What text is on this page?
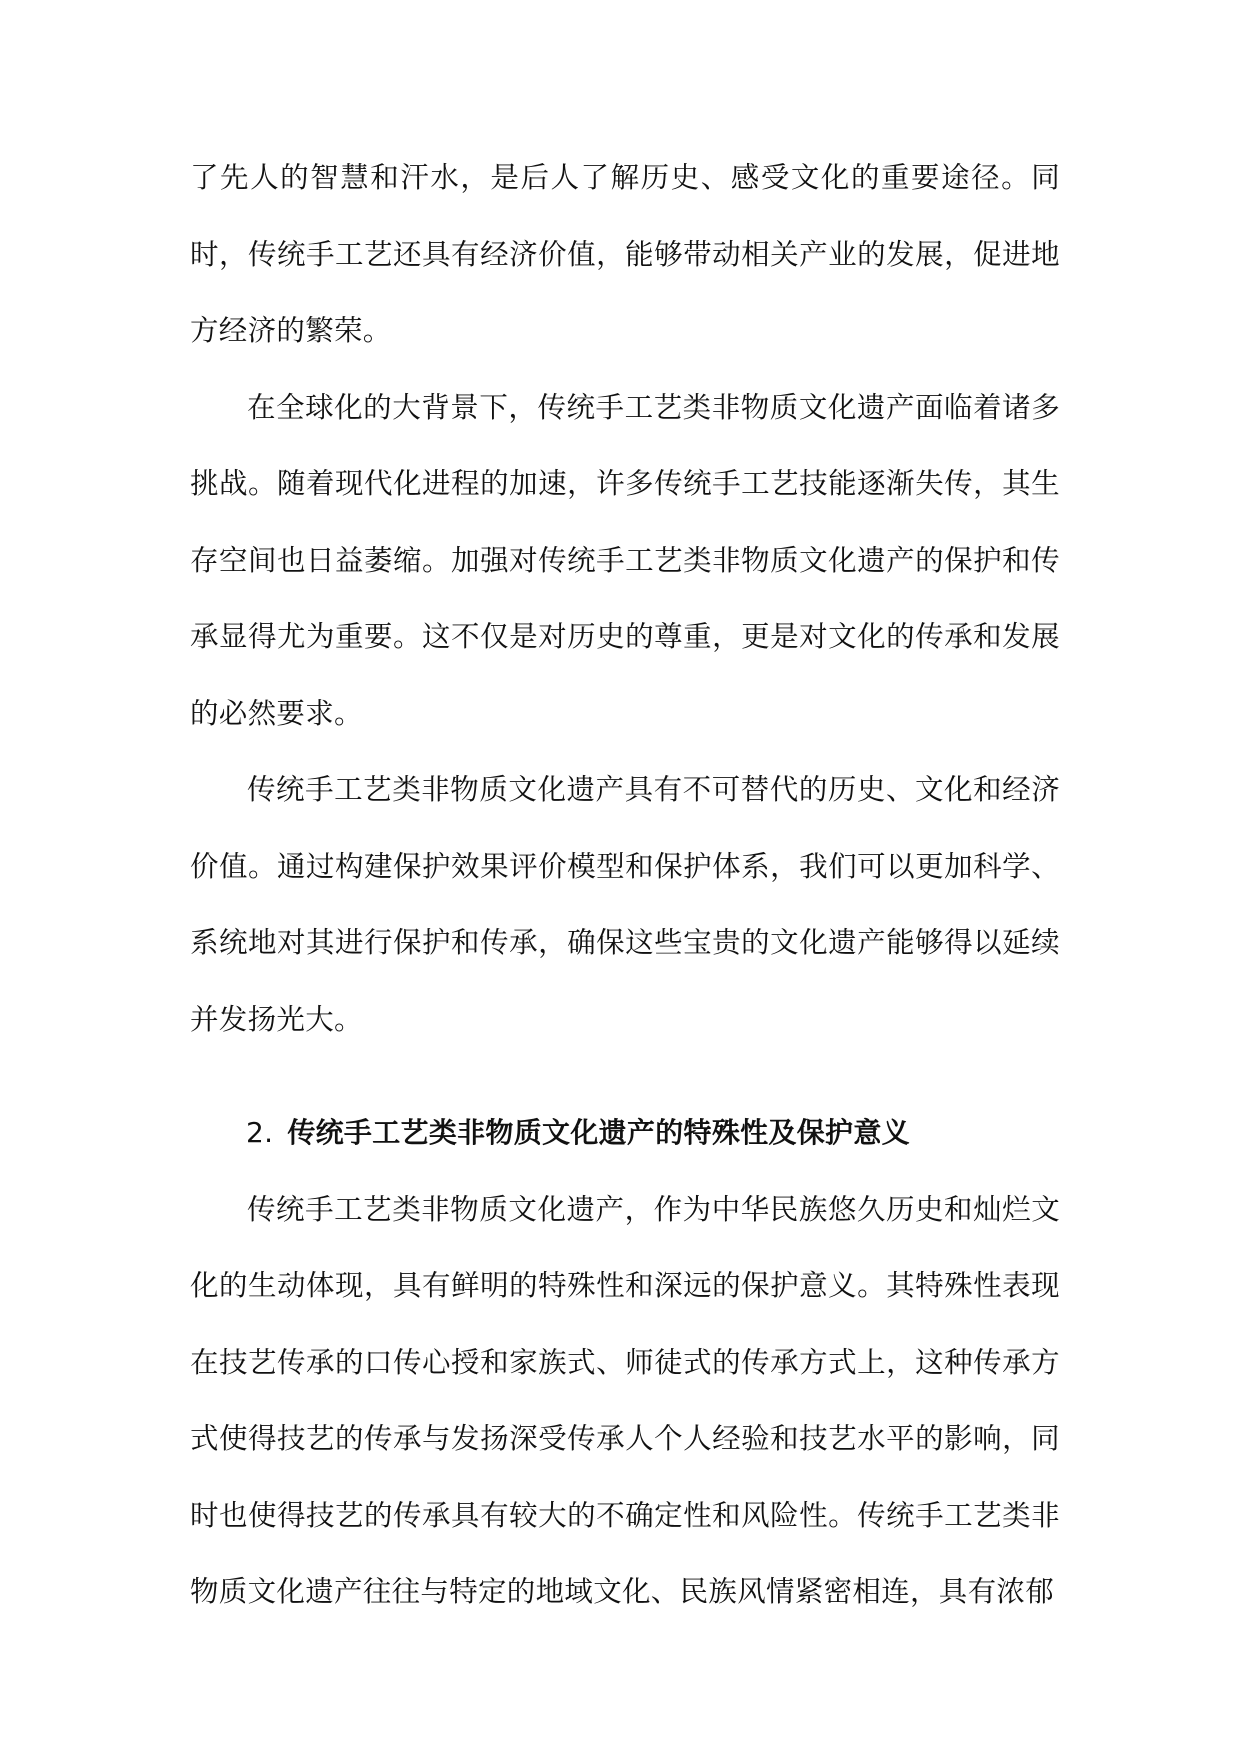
了先人的智慧和汗水，是后人了解历史、感受文化的重要途径。同时，传统手工艺还具有经济价值，能够带动相关产业的发展，促进地方经济的繁荣。

在全球化的大背景下，传统手工艺类非物质文化遗产面临着诸多挑战。随着现代化进程的加速，许多传统手工艺技能逐渐失传，其生存空间也日益萎缩。加强对传统手工艺类非物质文化遗产的保护和传承显得尤为重要。这不仅是对历史的尊重，更是对文化的传承和发展的必然要求。

传统手工艺类非物质文化遗产具有不可替代的历史、文化和经济价值。通过构建保护效果评价模型和保护体系，我们可以更加科学、系统地对其进行保护和传承，确保这些宝贵的文化遗产能够得以延续并发扬光大。

2. 传统手工艺类非物质文化遗产的特殊性及保护意义

传统手工艺类非物质文化遗产，作为中华民族悠久历史和灿烂文化的生动体现，具有鲜明的特殊性和深远的保护意义。其特殊性表现在技艺传承的口传心授和家族式、师徒式的传承方式上，这种传承方式使得技艺的传承与发扬深受传承人个人经验和技艺水平的影响，同时也使得技艺的传承具有较大的不确定性和风险性。传统手工艺类非物质文化遗产往往与特定的地域文化、民族风情紧密相连，具有浓郁
